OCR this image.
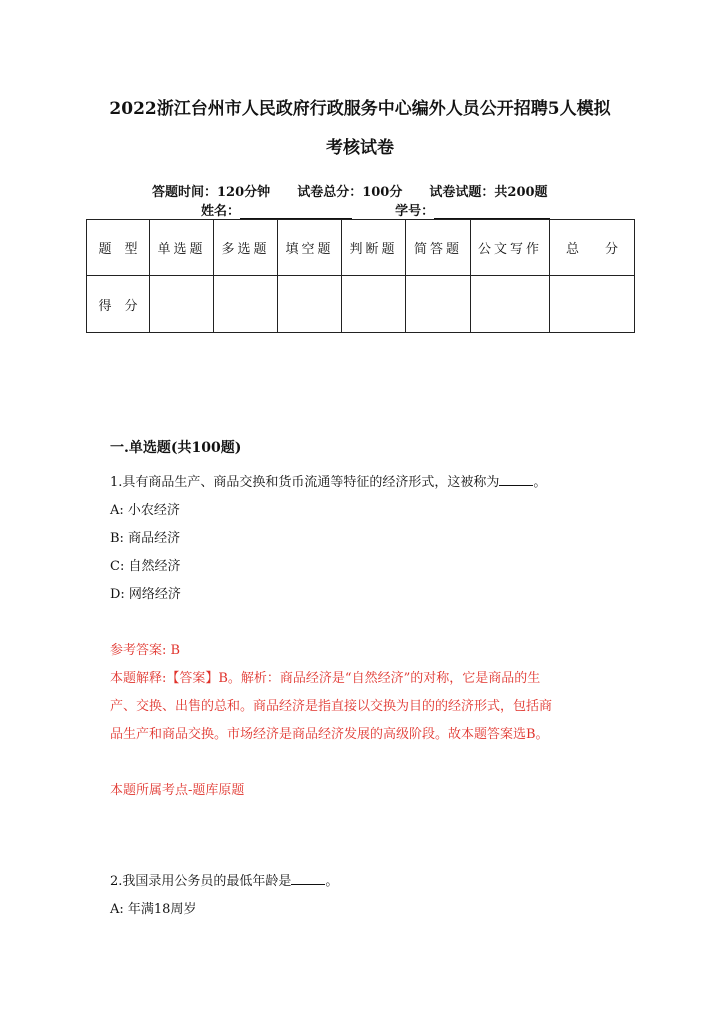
2022浙江台州市人民政府行政服务中心编外人员公开招聘5人模拟
考核试卷
答题时间：120分钟 试卷总分：100分 试卷试题：共200题
姓名：	学号：
题　型	单选题	多选题	填空题	判断题	简答题	公文写作	总　　分
得　分							
一.单选题(共100题)
1.具有商品生产、商品交换和货币流通等特征的经济形式，这被称为	。
A: 小农经济
B: 商品经济
C: 自然经济
D: 网络经济
参考答案: B
本题解释:【答案】B。解析：商品经济是“自然经济”的对称，它是商品的生
产、交换、出售的总和。商品经济是指直接以交换为目的的经济形式，包括商
品生产和商品交换。市场经济是商品经济发展的高级阶段。故本题答案选B。
本题所属考点-题库原题
2.我国录用公务员的最低年龄是	。
A: 年满18周岁
